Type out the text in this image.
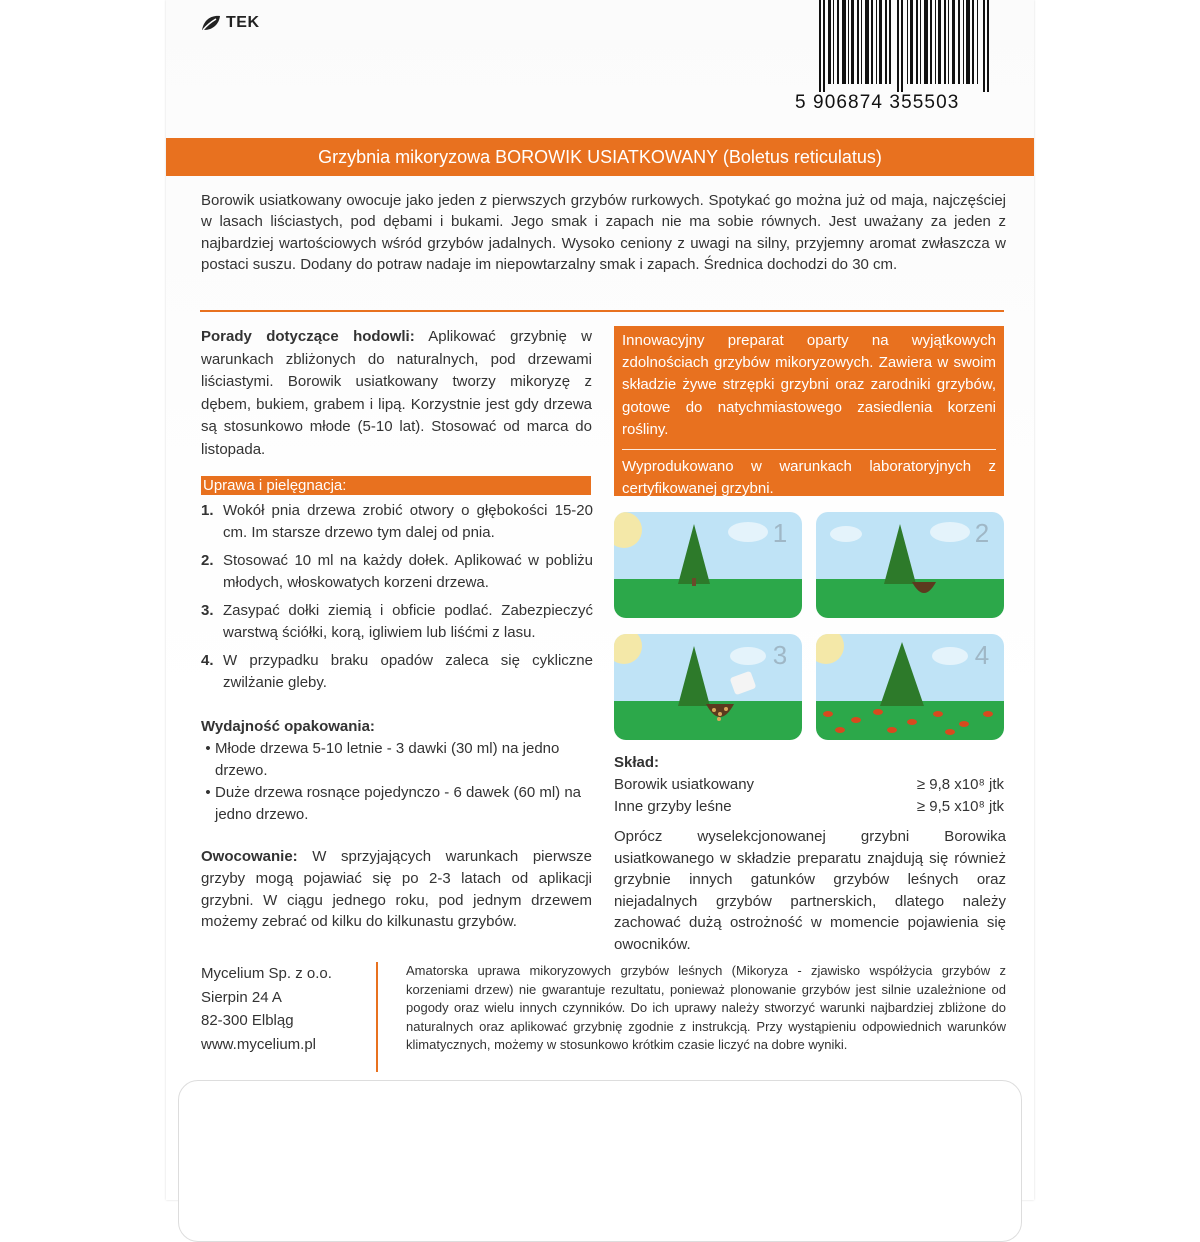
TEK
5 906874 355503
Grzybnia mikoryzowa BOROWIK USIATKOWANY (Boletus reticulatus)
Borowik usiatkowany owocuje jako jeden z pierwszych grzybów rurkowych. Spotykać go można już od maja, najczęściej w lasach liściastych, pod dębami i bukami. Jego smak i zapach nie ma sobie równych. Jest uważany za jeden z najbardziej wartościowych wśród grzybów jadalnych. Wysoko ceniony z uwagi na silny, przyjemny aromat zwłaszcza w postaci suszu. Dodany do potraw nadaje im niepowtarzalny smak i zapach. Średnica dochodzi do 30 cm.
Porady dotyczące hodowli: Aplikować grzybnię w warunkach zbliżonych do naturalnych, pod drzewami liściastymi. Borowik usiatkowany tworzy mikoryzę z dębem, bukiem, grabem i lipą. Korzystnie jest gdy drzewa są stosunkowo młode (5-10 lat). Stosować od marca do listopada.
Uprawa i pielęgnacja:
1. Wokół pnia drzewa zrobić otwory o głębokości 15-20 cm. Im starsze drzewo tym dalej od pnia.
2. Stosować 10 ml na każdy dołek. Aplikować w pobliżu młodych, włoskowatych korzeni drzewa.
3. Zasypać dołki ziemią i obficie podlać. Zabezpieczyć warstwą ściółki, korą, igliwiem lub liśćmi z lasu.
4. W przypadku braku opadów zaleca się cykliczne zwilżanie gleby.
Wydajność opakowania:
• Młode drzewa 5-10 letnie - 3 dawki (30 ml) na jedno drzewo.
• Duże drzewa rosnące pojedynczo - 6 dawek (60 ml) na jedno drzewo.
Owocowanie: W sprzyjających warunkach pierwsze grzyby mogą pojawiać się po 2-3 latach od aplikacji grzybni. W ciągu jednego roku, pod jednym drzewem możemy zebrać od kilku do kilkunastu grzybów.

Innowacyjny preparat oparty na wyjątkowych zdolnościach grzybów mikoryzowych. Zawiera w swoim składzie żywe strzępki grzybni oraz zarodniki grzybów, gotowe do natychmiastowego zasiedlenia korzeni rośliny.

Wyprodukowano w warunkach laboratoryjnych z certyfikowanej grzybni.

1	2
3	4
Skład:
Borowik usiatkowany	≥ 9,8 x10⁸ jtk
Inne grzyby leśne	≥ 9,5 x10⁸ jtk
Oprócz wyselekcjonowanej grzybni Borowika usiatkowanego w składzie preparatu znajdują się również grzybnie innych gatunków grzybów leśnych oraz niejadalnych grzybów partnerskich, dlatego należy zachować dużą ostrożność w momencie pojawienia się owocników.
Mycelium Sp. z o.o.
Sierpin 24 A
82-300 Elbląg
www.mycelium.pl
Amatorska uprawa mikoryzowych grzybów leśnych (Mikoryza - zjawisko współżycia grzybów z korzeniami drzew) nie gwarantuje rezultatu, ponieważ plonowanie grzybów jest silnie uzależnione od pogody oraz wielu innych czynników. Do ich uprawy należy stworzyć warunki najbardziej zbliżone do naturalnych oraz aplikować grzybnię zgodnie z instrukcją. Przy wystąpieniu odpowiednich warunków klimatycznych, możemy w stosunkowo krótkim czasie liczyć na dobre wyniki.
